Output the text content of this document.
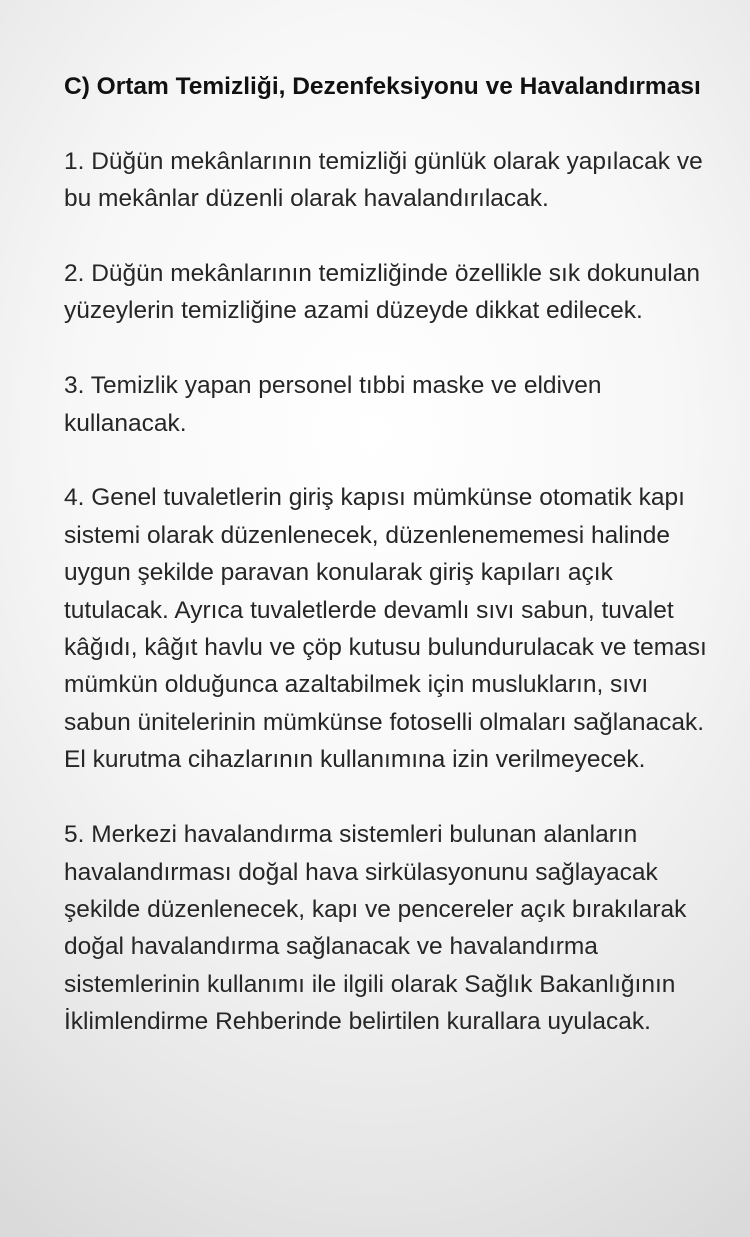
C) Ortam Temizliği, Dezenfeksiyonu ve Havalandırması

1. Düğün mekânlarının temizliği günlük olarak yapılacak ve bu mekânlar düzenli olarak havalandırılacak.

2. Düğün mekânlarının temizliğinde özellikle sık dokunulan yüzeylerin temizliğine azami düzeyde dikkat edilecek.

3. Temizlik yapan personel tıbbi maske ve eldiven kullanacak.

4. Genel tuvaletlerin giriş kapısı mümkünse otomatik kapı sistemi olarak düzenlenecek, düzenlenememesi halinde uygun şekilde paravan konularak giriş kapıları açık tutulacak. Ayrıca tuvaletlerde devamlı sıvı sabun, tuvalet kâğıdı, kâğıt havlu ve çöp kutusu bulundurulacak ve teması mümkün olduğunca azaltabilmek için muslukların, sıvı sabun ünitelerinin mümkünse fotoselli olmaları sağlanacak. El kurutma cihazlarının kullanımına izin verilmeyecek.

5. Merkezi havalandırma sistemleri bulunan alanların havalandırması doğal hava sirkülasyonunu sağlayacak şekilde düzenlenecek, kapı ve pencereler açık bırakılarak doğal havalandırma sağlanacak ve havalandırma sistemlerinin kullanımı ile ilgili olarak Sağlık Bakanlığının İklimlendirme Rehberinde belirtilen kurallara uyulacak.
